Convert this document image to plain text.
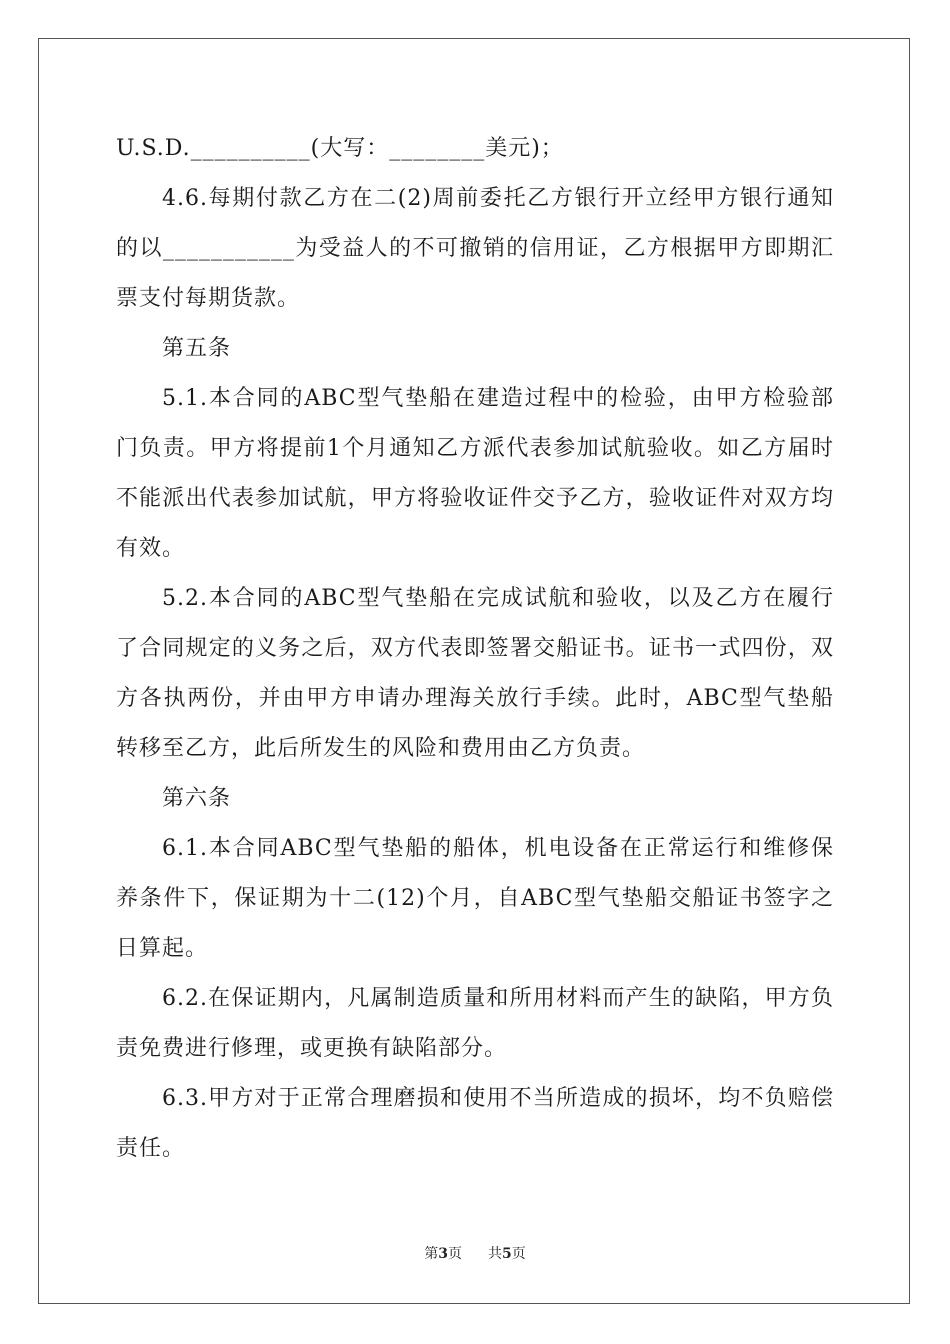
U.S.D.__________(大写：________美元)；

4.6.每期付款乙方在二(2)周前委托乙方银行开立经甲方银行通知的以___________为受益人的不可撤销的信用证，乙方根据甲方即期汇票支付每期货款。

第五条

5.1.本合同的ABC型气垫船在建造过程中的检验，由甲方检验部门负责。甲方将提前1个月通知乙方派代表参加试航验收。如乙方届时不能派出代表参加试航，甲方将验收证件交予乙方，验收证件对双方均有效。

5.2.本合同的ABC型气垫船在完成试航和验收，以及乙方在履行了合同规定的义务之后，双方代表即签署交船证书。证书一式四份，双方各执两份，并由甲方申请办理海关放行手续。此时，ABC型气垫船转移至乙方，此后所发生的风险和费用由乙方负责。

第六条

6.1.本合同ABC型气垫船的船体，机电设备在正常运行和维修保养条件下，保证期为十二(12)个月，自ABC型气垫船交船证书签字之日算起。

6.2.在保证期内，凡属制造质量和所用材料而产生的缺陷，甲方负责免费进行修理，或更换有缺陷部分。

6.3.甲方对于正常合理磨损和使用不当所造成的损坏，均不负赔偿责任。

第3页 共5页
